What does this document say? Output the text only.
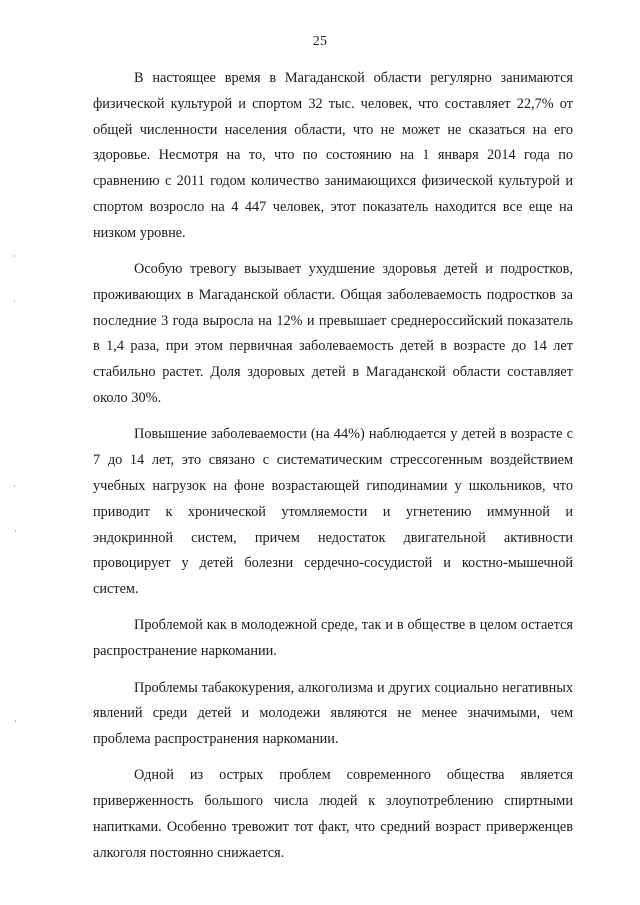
25

В настоящее время в Магаданской области регулярно занимаются физической культурой и спортом 32 тыс. человек, что составляет 22,7% от общей численности населения области, что не может не сказаться на его здоровье. Несмотря на то, что по состоянию на 1 января 2014 года по сравнению с 2011 годом количество занимающихся физической культурой и спортом возросло на 4 447 человек, этот показатель находится все еще на низком уровне.

Особую тревогу вызывает ухудшение здоровья детей и подростков, проживающих в Магаданской области. Общая заболеваемость подростков за последние 3 года выросла на 12% и превышает среднероссийский показатель в 1,4 раза, при этом первичная заболеваемость детей в возрасте до 14 лет стабильно растет. Доля здоровых детей в Магаданской области составляет около 30%.

Повышение заболеваемости (на 44%) наблюдается у детей в возрасте с 7 до 14 лет, это связано с систематическим стрессогенным воздействием учебных нагрузок на фоне возрастающей гиподинамии у школьников, что приводит к хронической утомляемости и угнетению иммунной и эндокринной систем, причем недостаток двигательной активности провоцирует у детей болезни сердечно-сосудистой и костно-мышечной систем.

Проблемой как в молодежной среде, так и в обществе в целом остается распространение наркомании.

Проблемы табакокурения, алкоголизма и других социально негативных явлений среди детей и молодежи являются не менее значимыми, чем проблема распространения наркомании.

Одной из острых проблем современного общества является приверженность большого числа людей к злоупотреблению спиртными напитками. Особенно тревожит тот факт, что средний возраст приверженцев алкоголя постоянно снижается.
